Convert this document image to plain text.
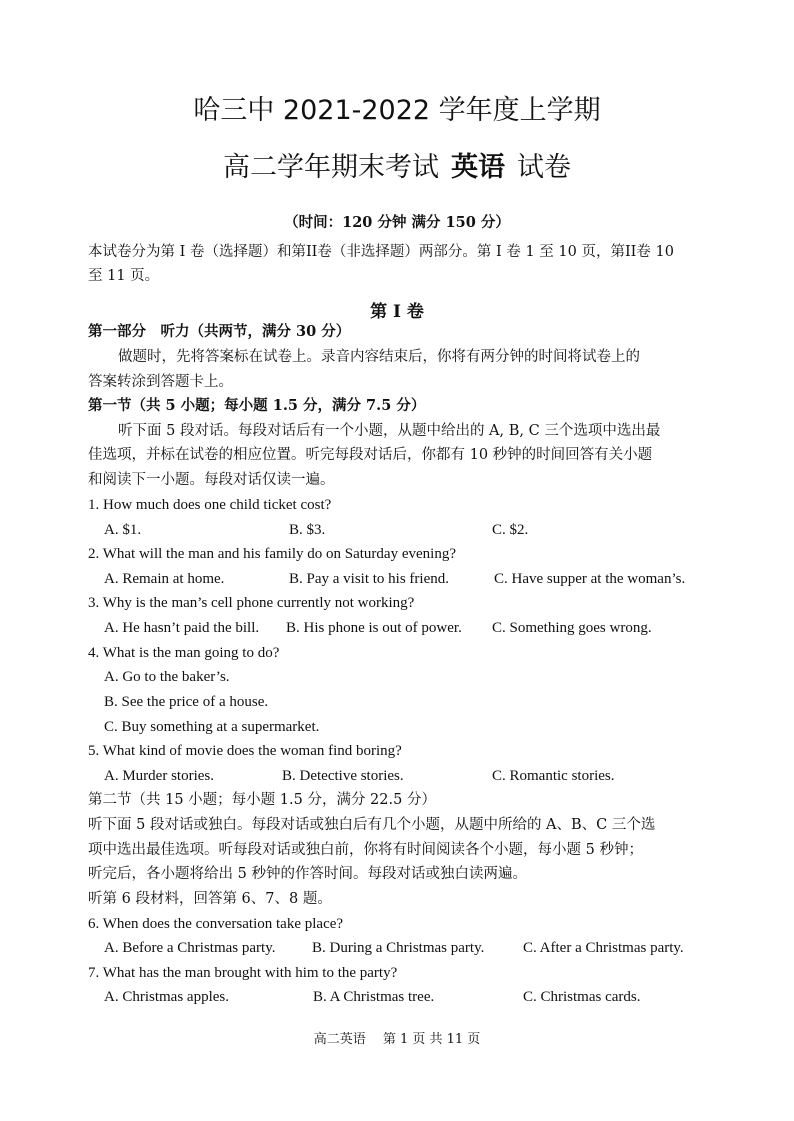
哈三中 2021-2022 学年度上学期
高二学年期末考试 英语 试卷
（时间：120 分钟 满分 150 分）
本试卷分为第 I 卷（选择题）和第II卷（非选择题）两部分。第 I 卷 1 至 10 页，第II卷 10
至 11 页。
第 I 卷
第一部分　听力（共两节，满分 30 分）
做题时，先将答案标在试卷上。录音内容结束后，你将有两分钟的时间将试卷上的
答案转涂到答题卡上。
第一节（共 5 小题；每小题 1.5 分，满分 7.5 分）
听下面 5 段对话。每段对话后有一个小题，从题中给出的 A, B, C 三个选项中选出最
佳选项，并标在试卷的相应位置。听完每段对话后，你都有 10 秒钟的时间回答有关小题
和阅读下一小题。每段对话仅读一遍。
1. How much does one child ticket cost?
A. $1.	B. $3.	C. $2.
2. What will the man and his family do on Saturday evening?
A. Remain at home.	B. Pay a visit to his friend.	C. Have supper at the woman’s.
3. Why is the man’s cell phone currently not working?
A. He hasn’t paid the bill. B. His phone is out of power. C. Something goes wrong.
4. What is the man going to do?
A. Go to the baker’s.
B. See the price of a house.
C. Buy something at a supermarket.
5. What kind of movie does the woman find boring?
A. Murder stories.	B. Detective stories.	C. Romantic stories.
第二节（共 15 小题；每小题 1.5 分，满分 22.5 分）
听下面 5 段对话或独白。每段对话或独白后有几个小题，从题中所给的 A、B、C 三个选
项中选出最佳选项。听每段对话或独白前，你将有时间阅读各个小题，每小题 5 秒钟；
听完后，各小题将给出 5 秒钟的作答时间。每段对话或独白读两遍。
听第 6 段材料，回答第 6、7、8 题。
6. When does the conversation take place?
A. Before a Christmas party. B. During a Christmas party.	C. After a Christmas party.
7. What has the man brought with him to the party?
A. Christmas apples.	B. A Christmas tree.	C. Christmas cards.
高二英语　 第 1 页 共 11 页
